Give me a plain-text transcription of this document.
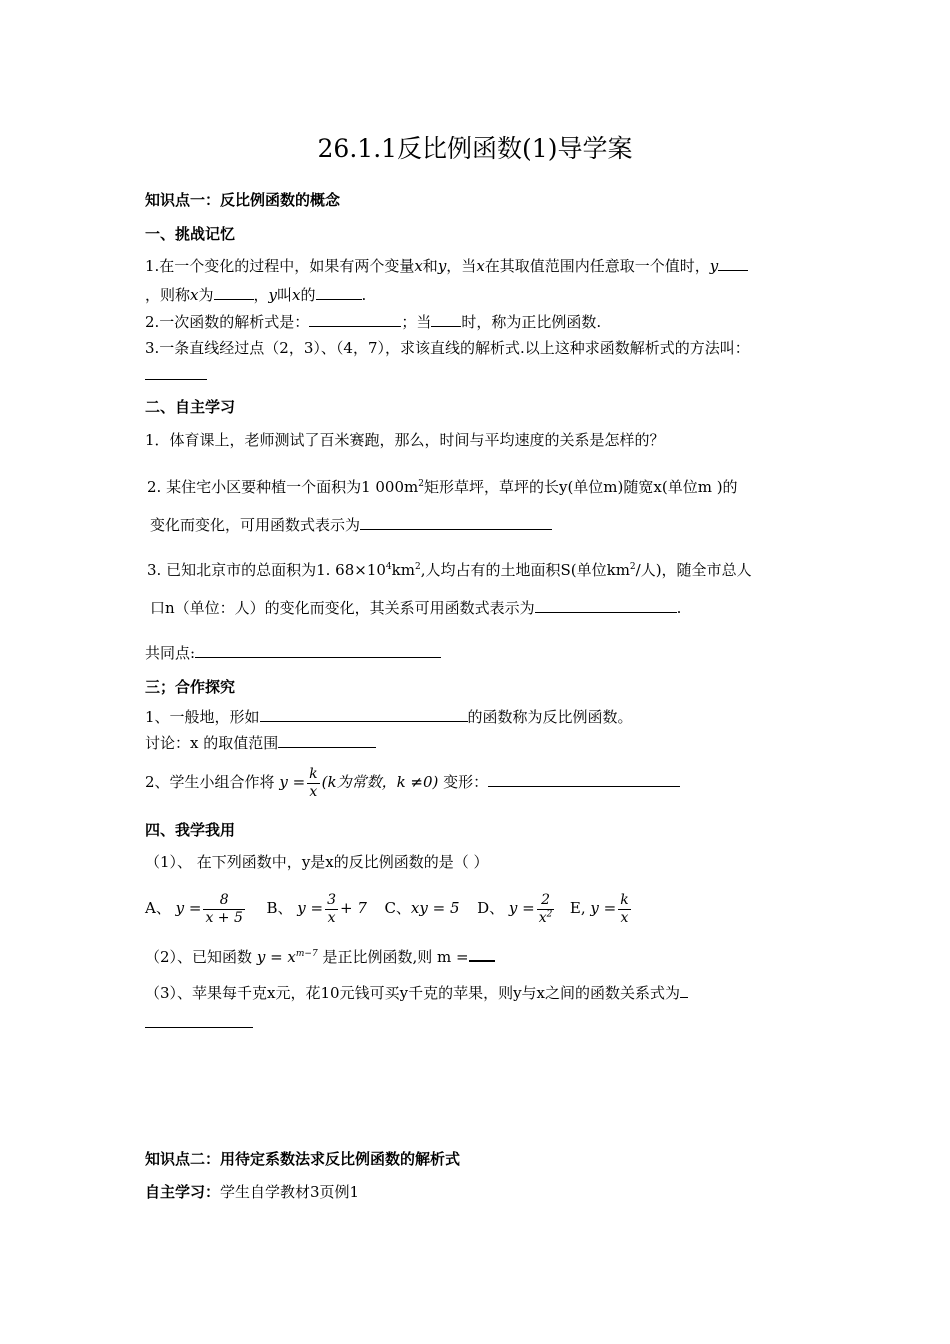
26.1.1反比例函数(1)导学案
知识点一：反比例函数的概念
一、挑战记忆
1.在一个变化的过程中，如果有两个变量x和y，当x在其取值范围内任意取一个值时，y
，则称x为	，y叫x的	.
2.一次函数的解析式是：	；当 时，称为正比例函数.
3.一条直线经过点（2，3）、（4，7），求该直线的解析式.以上这种求函数解析式的方法叫：
二、自主学习
1．体育课上，老师测试了百米赛跑，那么，时间与平均速度的关系是怎样的？
2. 某住宅小区要种植一个面积为1 $000m^2$矩形草坪，草坪的长y(单位m)随宽x(单位m )的
变化而变化，可用函数式表示为
3. 已知北京市的总面积为1. $68\times 10^4km^2$,人均占有的土地面积S(单位$km^2/$人)，随全市总人
口n（单位：人）的变化而变化，其关系可用函数式表示为	.
共同点:
三；合作探究
1、一般地，形如	的函数称为反比例函数。
讨论：x 的取值范围
2、学生小组合作将 $y = \frac{k}{x} (k$为常数，k ≠0) 变形：
四、我学我用
（1）、 在下列函数中，y是x的反比例函数的是（ ）
A、 $y = \frac{8}{x + 5}$ B、 $y = \frac{3}{x} + 7$ C、xy = 5 D、 $y = \frac{2}{x^2} E$, $y = \frac{k}{x}$
（2）、已知函数 $y = x^{m-7}$ 是正比例函数,则 m =
（3）、苹果每千克x元，花10元钱可买y千克的苹果，则y与x之间的函数关系式为
知识点二：用待定系数法求反比例函数的解析式
自主学习：学生自学教材3页例1
